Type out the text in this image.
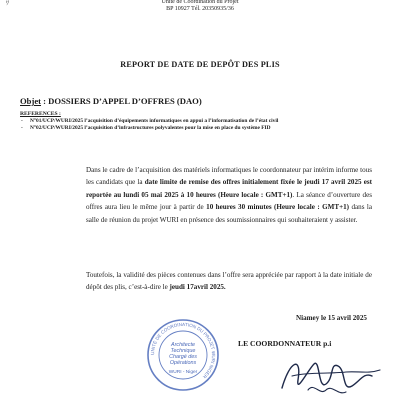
ﾜ	Unité de Coordination du Projet
BP 10927 Tél. 20350935/36
REPORT DE DATE DE DEPÔT DES PLIS
Objet : DOSSIERS D’APPEL D’OFFRES (DAO)
REFERENCES :
- N°01/UCP/WURI/2025 l’acquisition d’équipements informatiques en appui a l’informatisation de l’état civil
- N°02/UCP/WURI/2025 l’acquisition d’infrastructures polyvalentes pour la mise en place du système FID

Dans le cadre de l’acquisition des matériels informatiques le coordonnateur par intérim informe tous les candidats que la date limite de remise des offres initialement fixée le jeudi 17 avril 2025 est reportée au lundi 05 mai 2025 à 10 heures (Heure locale : GMT+1). La séance d’ouverture des offres aura lieu le même jour à partir de 10 heures 30 minutes (Heure locale : GMT+1) dans la salle de réunion du projet WURI en présence des soumissionnaires qui souhaiteraient y assister.

Toutefois, la validité des pièces contenues dans l’offre sera appréciée par rapport à la date initiale de dépôt des plis, c’est-à-dire le jeudi 17avril 2025.

Niamey le 15 avril 2025
LE COORDONNATEUR p.i
UNITÉ DE COORDINATION DU PROJET WURI NIGER
Architecte
Technique
Chargé des
Opérations
WURI - Niger
